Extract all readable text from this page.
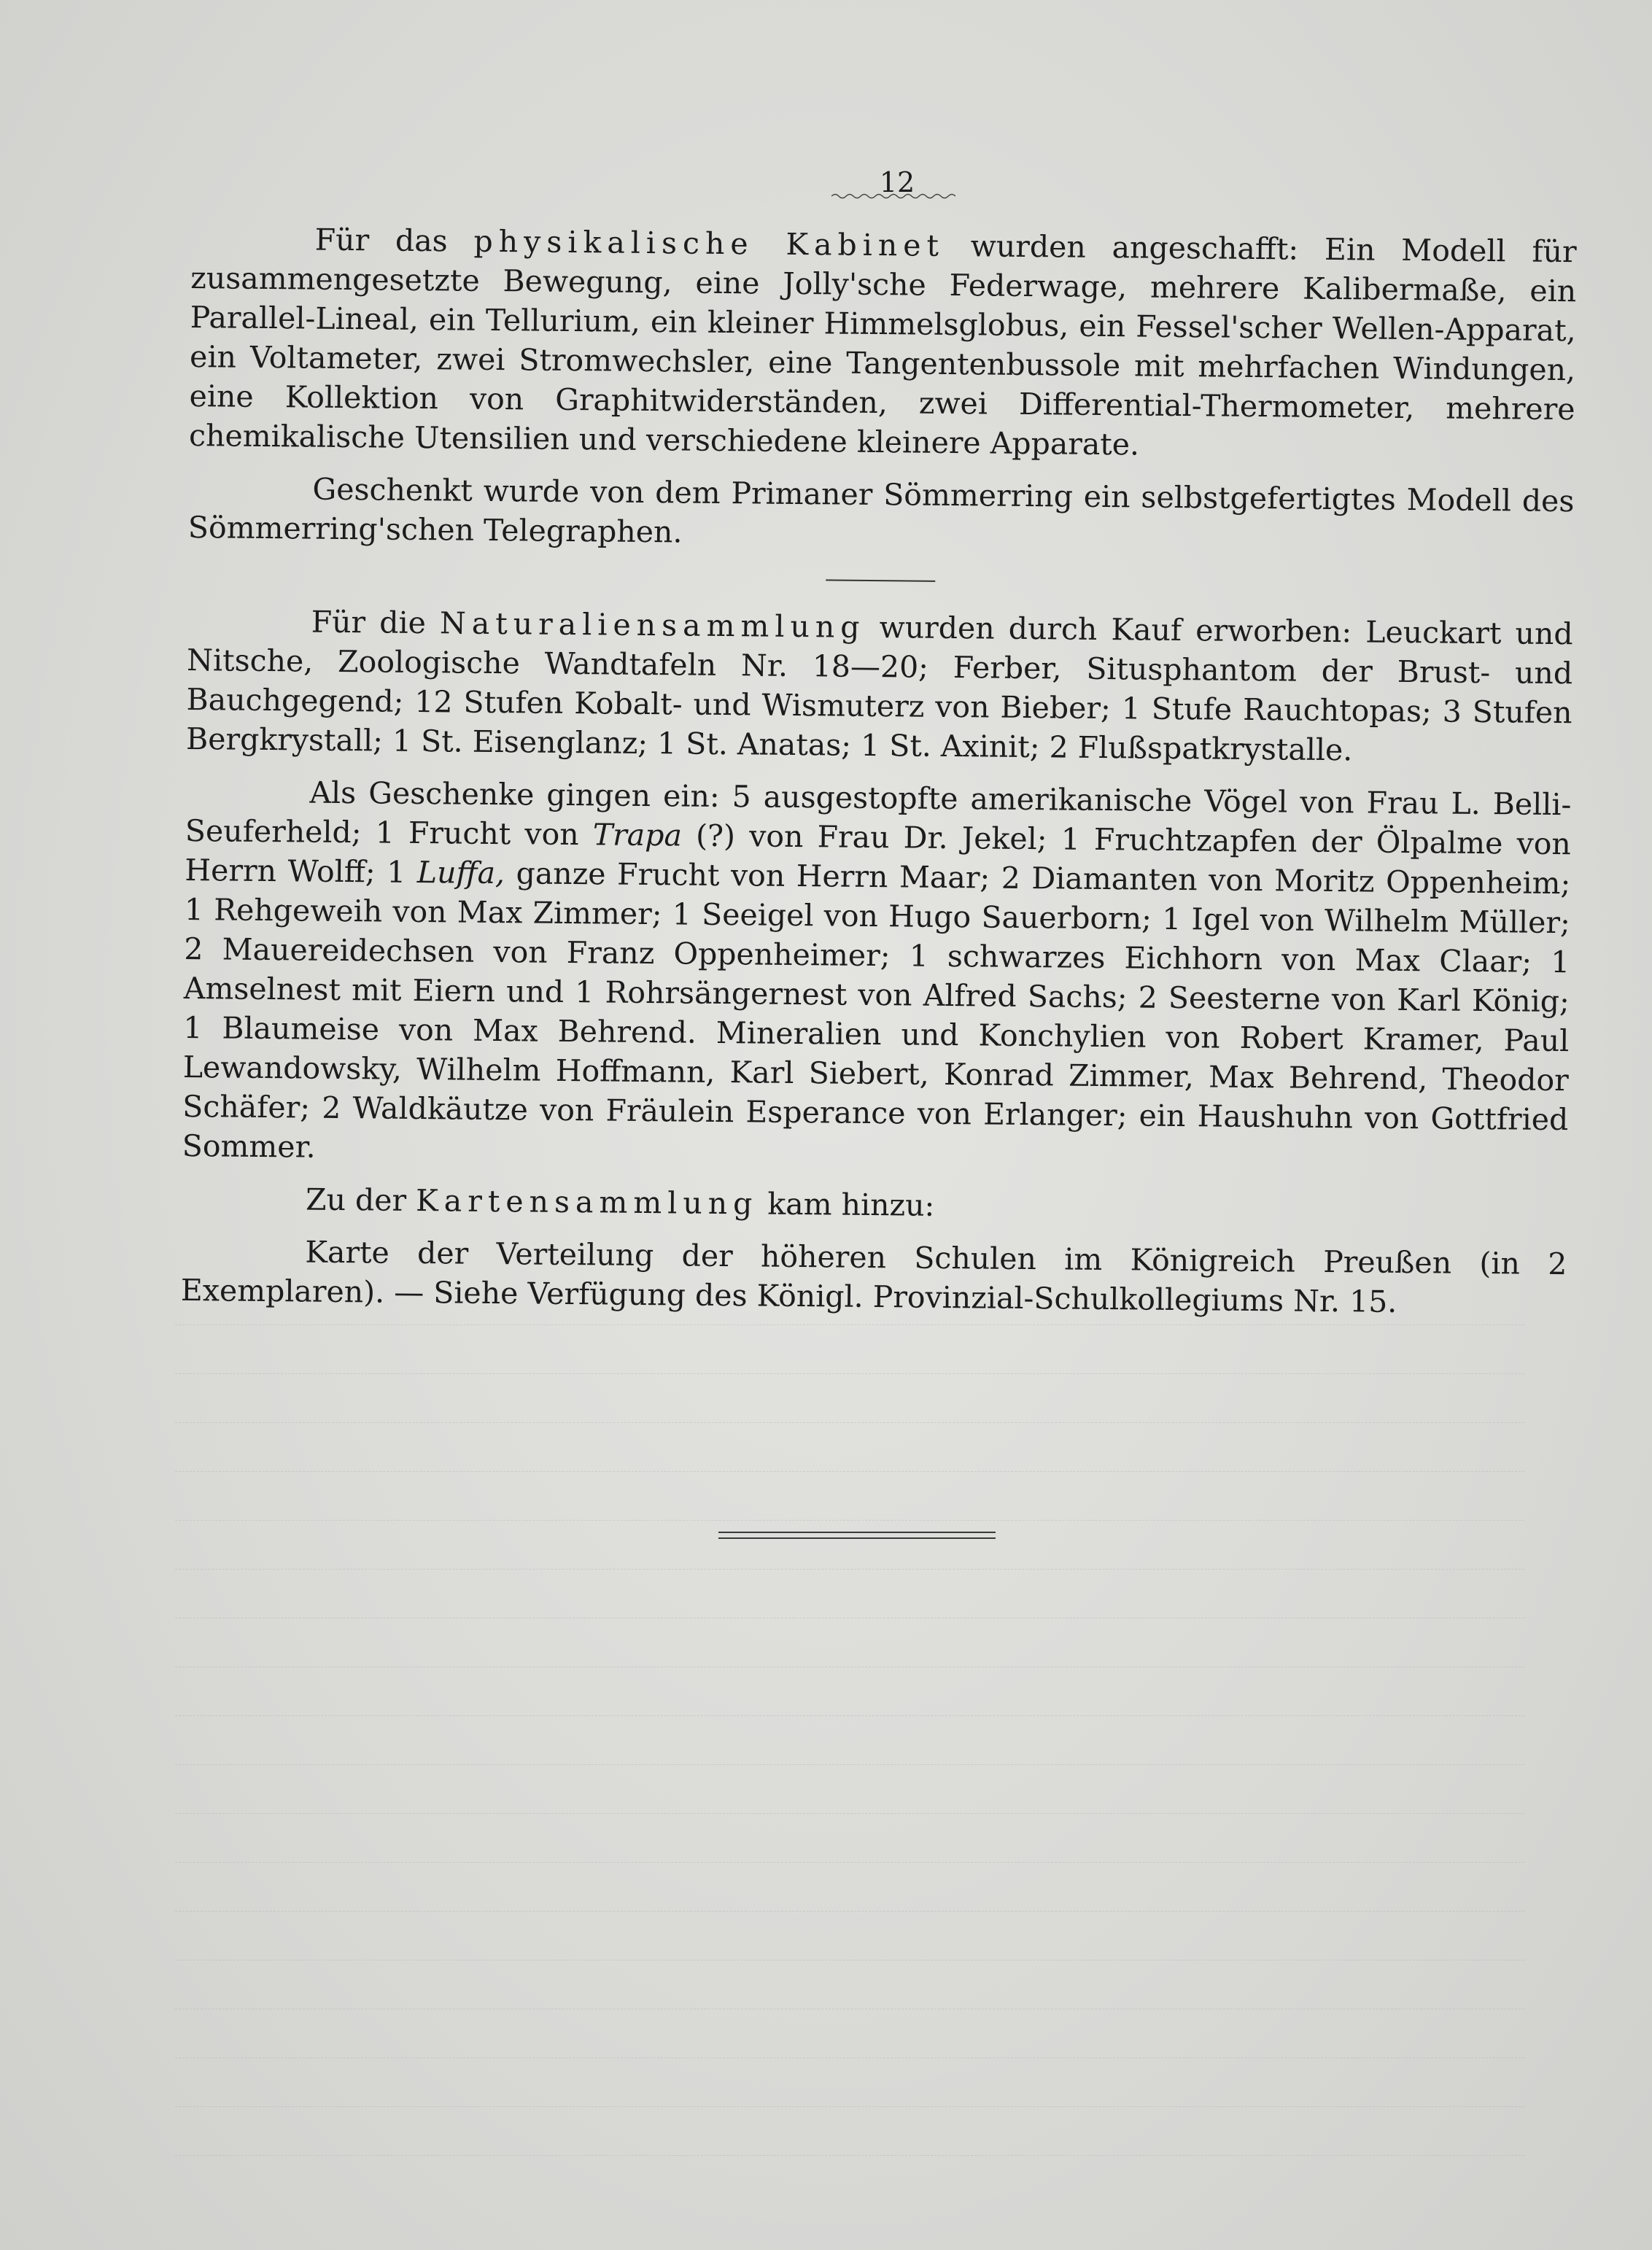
12

Für das physikalische Kabinet wurden angeschafft: Ein Modell für zusammengesetzte Bewegung, eine Jolly'sche Federwage, mehrere Kalibermaße, ein Parallel-Lineal, ein Tellurium, ein kleiner Himmelsglobus, ein Fessel'scher Wellen-Apparat, ein Voltameter, zwei Stromwechsler, eine Tangentenbussole mit mehrfachen Windungen, eine Kollektion von Graphitwiderständen, zwei Differential-Thermometer, mehrere chemikalische Utensilien und verschiedene kleinere Apparate.

Geschenkt wurde von dem Primaner Sömmerring ein selbstgefertigtes Modell des Sömmerring'schen Telegraphen.

Für die Naturaliensammlung wurden durch Kauf erworben: Leuckart und Nitsche, Zoologische Wandtafeln Nr. 18—20; Ferber, Situsphantom der Brust- und Bauchgegend; 12 Stufen Kobalt- und Wismuterz von Bieber; 1 Stufe Rauchtopas; 3 Stufen Bergkrystall; 1 St. Eisenglanz; 1 St. Anatas; 1 St. Axinit; 2 Flußspatkrystalle.

Als Geschenke gingen ein: 5 ausgestopfte amerikanische Vögel von Frau L. Belli-Seuferheld; 1 Frucht von Trapa (?) von Frau Dr. Jekel; 1 Fruchtzapfen der Ölpalme von Herrn Wolff; 1 Luffa, ganze Frucht von Herrn Maar; 2 Diamanten von Moritz Oppenheim; 1 Rehgeweih von Max Zimmer; 1 Seeigel von Hugo Sauerborn; 1 Igel von Wilhelm Müller; 2 Mauereidechsen von Franz Oppenheimer; 1 schwarzes Eichhorn von Max Claar; 1 Amselnest mit Eiern und 1 Rohrsängernest von Alfred Sachs; 2 Seesterne von Karl König; 1 Blaumeise von Max Behrend. Mineralien und Konchylien von Robert Kramer, Paul Lewandowsky, Wilhelm Hoffmann, Karl Siebert, Konrad Zimmer, Max Behrend, Theodor Schäfer; 2 Waldkäutze von Fräulein Esperance von Erlanger; ein Haushuhn von Gottfried Sommer.

Zu der Kartensammlung kam hinzu:

Karte der Verteilung der höheren Schulen im Königreich Preußen (in 2 Exemplaren). — Siehe Verfügung des Königl. Provinzial-Schulkollegiums Nr. 15.
